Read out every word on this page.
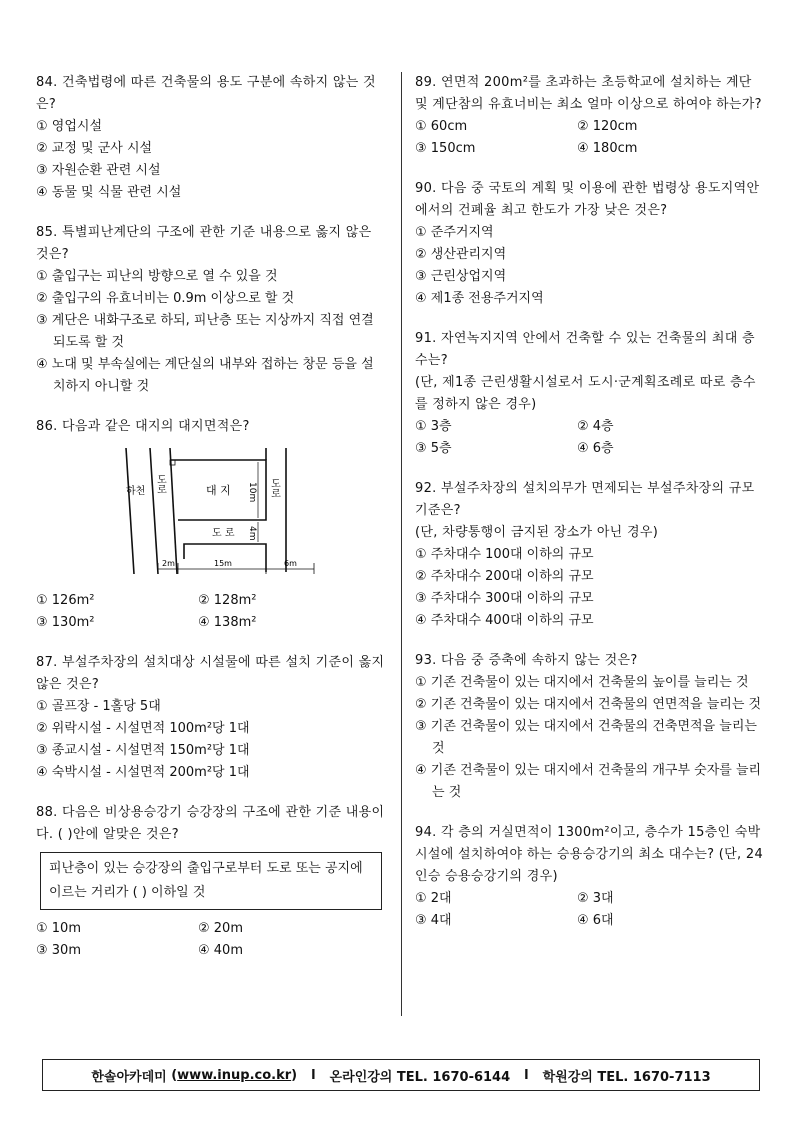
84. 건축법령에 따른 건축물의 용도 구분에 속하지 않는 것은?

① 영업시설

② 교정 및 군사 시설

③ 자원순환 관련 시설

④ 동물 및 식물 관련 시설

85. 특별피난계단의 구조에 관한 기준 내용으로 옳지 않은 것은?

① 출입구는 피난의 방향으로 열 수 있을 것

② 출입구의 유효너비는 0.9m 이상으로 할 것

③ 계단은 내화구조로 하되, 피난층 또는 지상까지 직접 연결되도록 할 것

④ 노대 및 부속실에는 계단실의 내부와 접하는 창문 등을 설치하지 아니할 것

86. 다음과 같은 대지의 대지면적은?

하천 도로	대 지
도 로
도로
10m
4m
2m	15m	6m
① 126m²	② 128m²
③ 130m²	④ 138m²

87. 부설주차장의 설치대상 시설물에 따른 설치 기준이 옳지 않은 것은?

① 골프장 - 1홀당 5대

② 위락시설 - 시설면적 100m²당 1대

③ 종교시설 - 시설면적 150m²당 1대

④ 숙박시설 - 시설면적 200m²당 1대

88. 다음은 비상용승강기 승강장의 구조에 관한 기준 내용이다. ( )안에 알맞은 것은?

피난층이 있는 승강장의 출입구로부터 도로 또는 공지에 이르는 거리가 ( ) 이하일 것
① 10m	② 20m
③ 30m	④ 40m

89. 연면적 200m²를 초과하는 초등학교에 설치하는 계단 및 계단참의 유효너비는 최소 얼마 이상으로 하여야 하는가?

① 60cm	② 120cm
③ 150cm	④ 180cm

90. 다음 중 국토의 계획 및 이용에 관한 법령상 용도지역안에서의 건폐율 최고 한도가 가장 낮은 것은?

① 준주거지역

② 생산관리지역

③ 근린상업지역

④ 제1종 전용주거지역

91. 자연녹지지역 안에서 건축할 수 있는 건축물의 최대 층수는?

(단, 제1종 근린생활시설로서 도시·군계획조례로 따로 층수를 정하지 않은 경우)

① 3층	② 4층
③ 5층	④ 6층

92. 부설주차장의 설치의무가 면제되는 부설주차장의 규모 기준은?

(단, 차량통행이 금지된 장소가 아닌 경우)

① 주차대수 100대 이하의 규모

② 주차대수 200대 이하의 규모

③ 주차대수 300대 이하의 규모

④ 주차대수 400대 이하의 규모

93. 다음 중 증축에 속하지 않는 것은?

① 기존 건축물이 있는 대지에서 건축물의 높이를 늘리는 것

② 기존 건축물이 있는 대지에서 건축물의 연면적을 늘리는 것

③ 기존 건축물이 있는 대지에서 건축물의 건축면적을 늘리는 것

④ 기존 건축물이 있는 대지에서 건축물의 개구부 숫자를 늘리는 것

94. 각 층의 거실면적이 1300m²이고, 층수가 15층인 숙박시설에 설치하여야 하는 승용승강기의 최소 대수는? (단, 24인승 승용승강기의 경우)

① 2대	② 3대
③ 4대	④ 6대
한솔아카데미 ( www.inup.co.kr ) l 온라인강의 TEL. 1670-6144 l 학원강의 TEL. 1670-7113
